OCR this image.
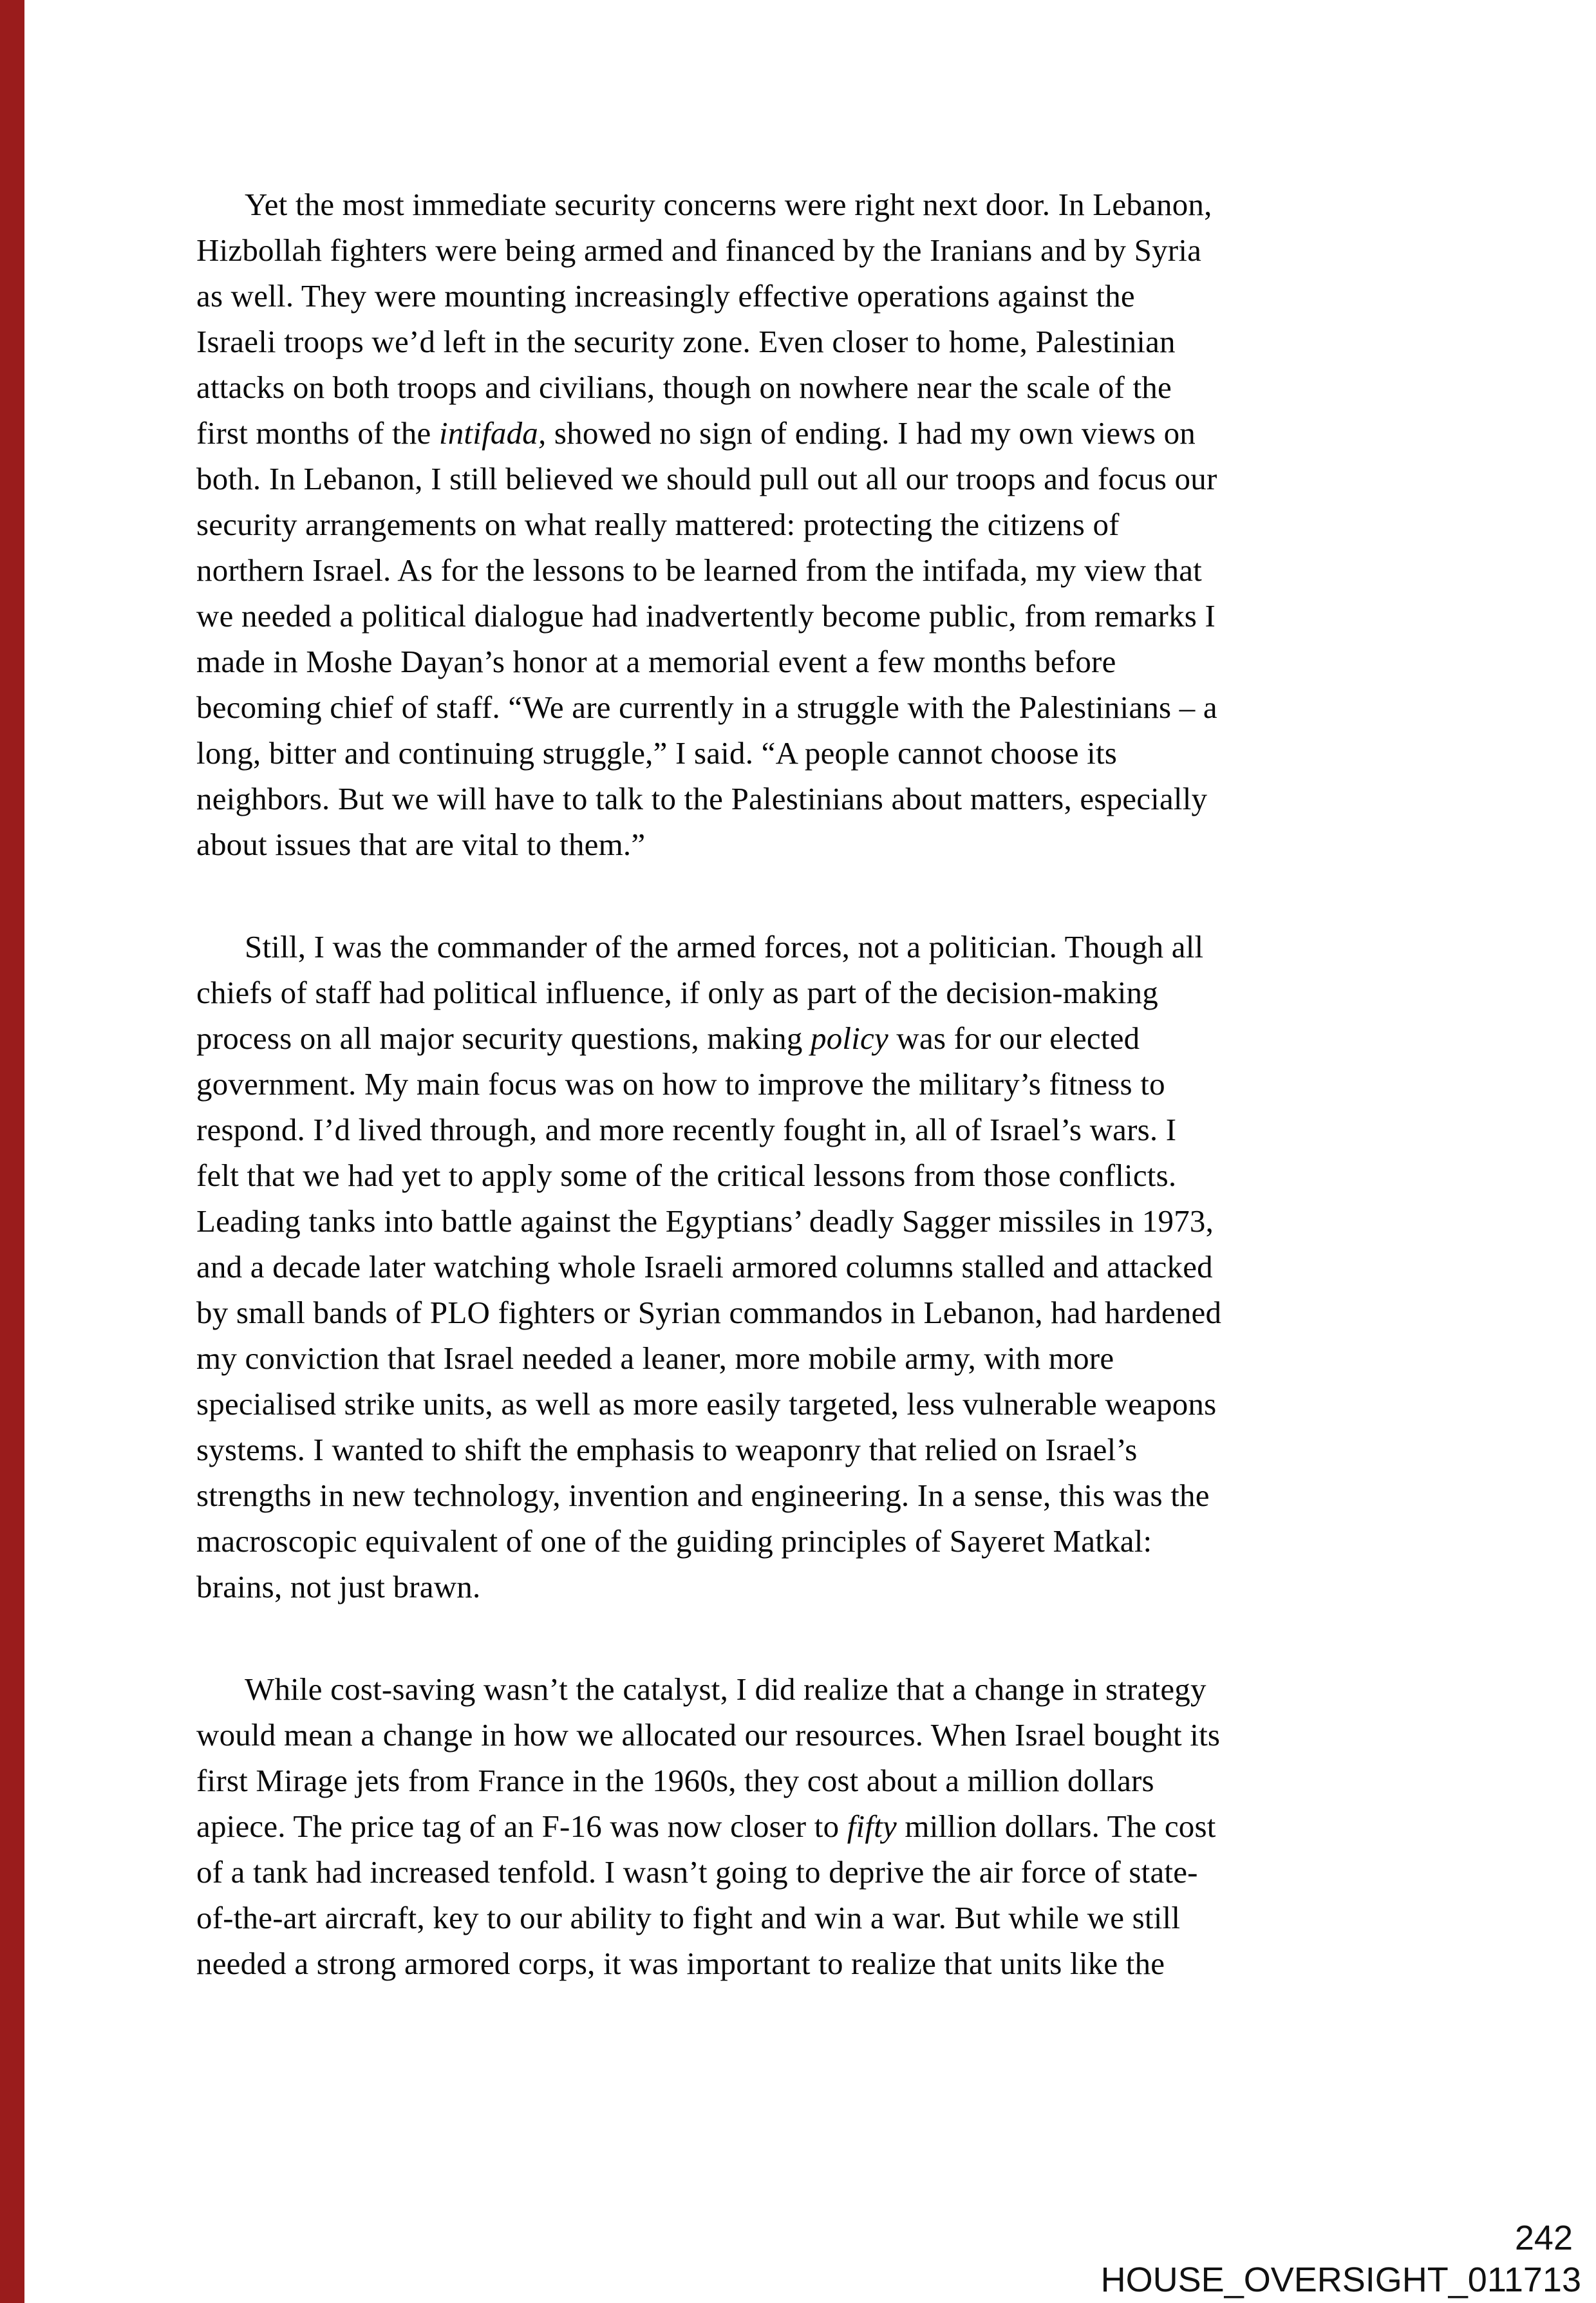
Yet the most immediate security concerns were right next door. In Lebanon,
Hizbollah fighters were being armed and financed by the Iranians and by Syria
as well. They were mounting increasingly effective operations against the
Israeli troops we’d left in the security zone. Even closer to home, Palestinian
attacks on both troops and civilians, though on nowhere near the scale of the
first months of the intifada, showed no sign of ending. I had my own views on
both. In Lebanon, I still believed we should pull out all our troops and focus our
security arrangements on what really mattered: protecting the citizens of
northern Israel. As for the lessons to be learned from the intifada, my view that
we needed a political dialogue had inadvertently become public, from remarks I
made in Moshe Dayan’s honor at a memorial event a few months before
becoming chief of staff. “We are currently in a struggle with the Palestinians – a
long, bitter and continuing struggle,” I said. “A people cannot choose its
neighbors. But we will have to talk to the Palestinians about matters, especially
about issues that are vital to them.”
Still, I was the commander of the armed forces, not a politician. Though all
chiefs of staff had political influence, if only as part of the decision-making
process on all major security questions, making policy was for our elected
government. My main focus was on how to improve the military’s fitness to
respond. I’d lived through, and more recently fought in, all of Israel’s wars. I
felt that we had yet to apply some of the critical lessons from those conflicts.
Leading tanks into battle against the Egyptians’ deadly Sagger missiles in 1973,
and a decade later watching whole Israeli armored columns stalled and attacked
by small bands of PLO fighters or Syrian commandos in Lebanon, had hardened
my conviction that Israel needed a leaner, more mobile army, with more
specialised strike units, as well as more easily targeted, less vulnerable weapons
systems. I wanted to shift the emphasis to weaponry that relied on Israel’s
strengths in new technology, invention and engineering. In a sense, this was the
macroscopic equivalent of one of the guiding principles of Sayeret Matkal:
brains, not just brawn.
While cost-saving wasn’t the catalyst, I did realize that a change in strategy
would mean a change in how we allocated our resources. When Israel bought its
first Mirage jets from France in the 1960s, they cost about a million dollars
apiece. The price tag of an F-16 was now closer to fifty million dollars. The cost
of a tank had increased tenfold. I wasn’t going to deprive the air force of state-
of-the-art aircraft, key to our ability to fight and win a war. But while we still
needed a strong armored corps, it was important to realize that units like the
242
HOUSE_OVERSIGHT_011713
